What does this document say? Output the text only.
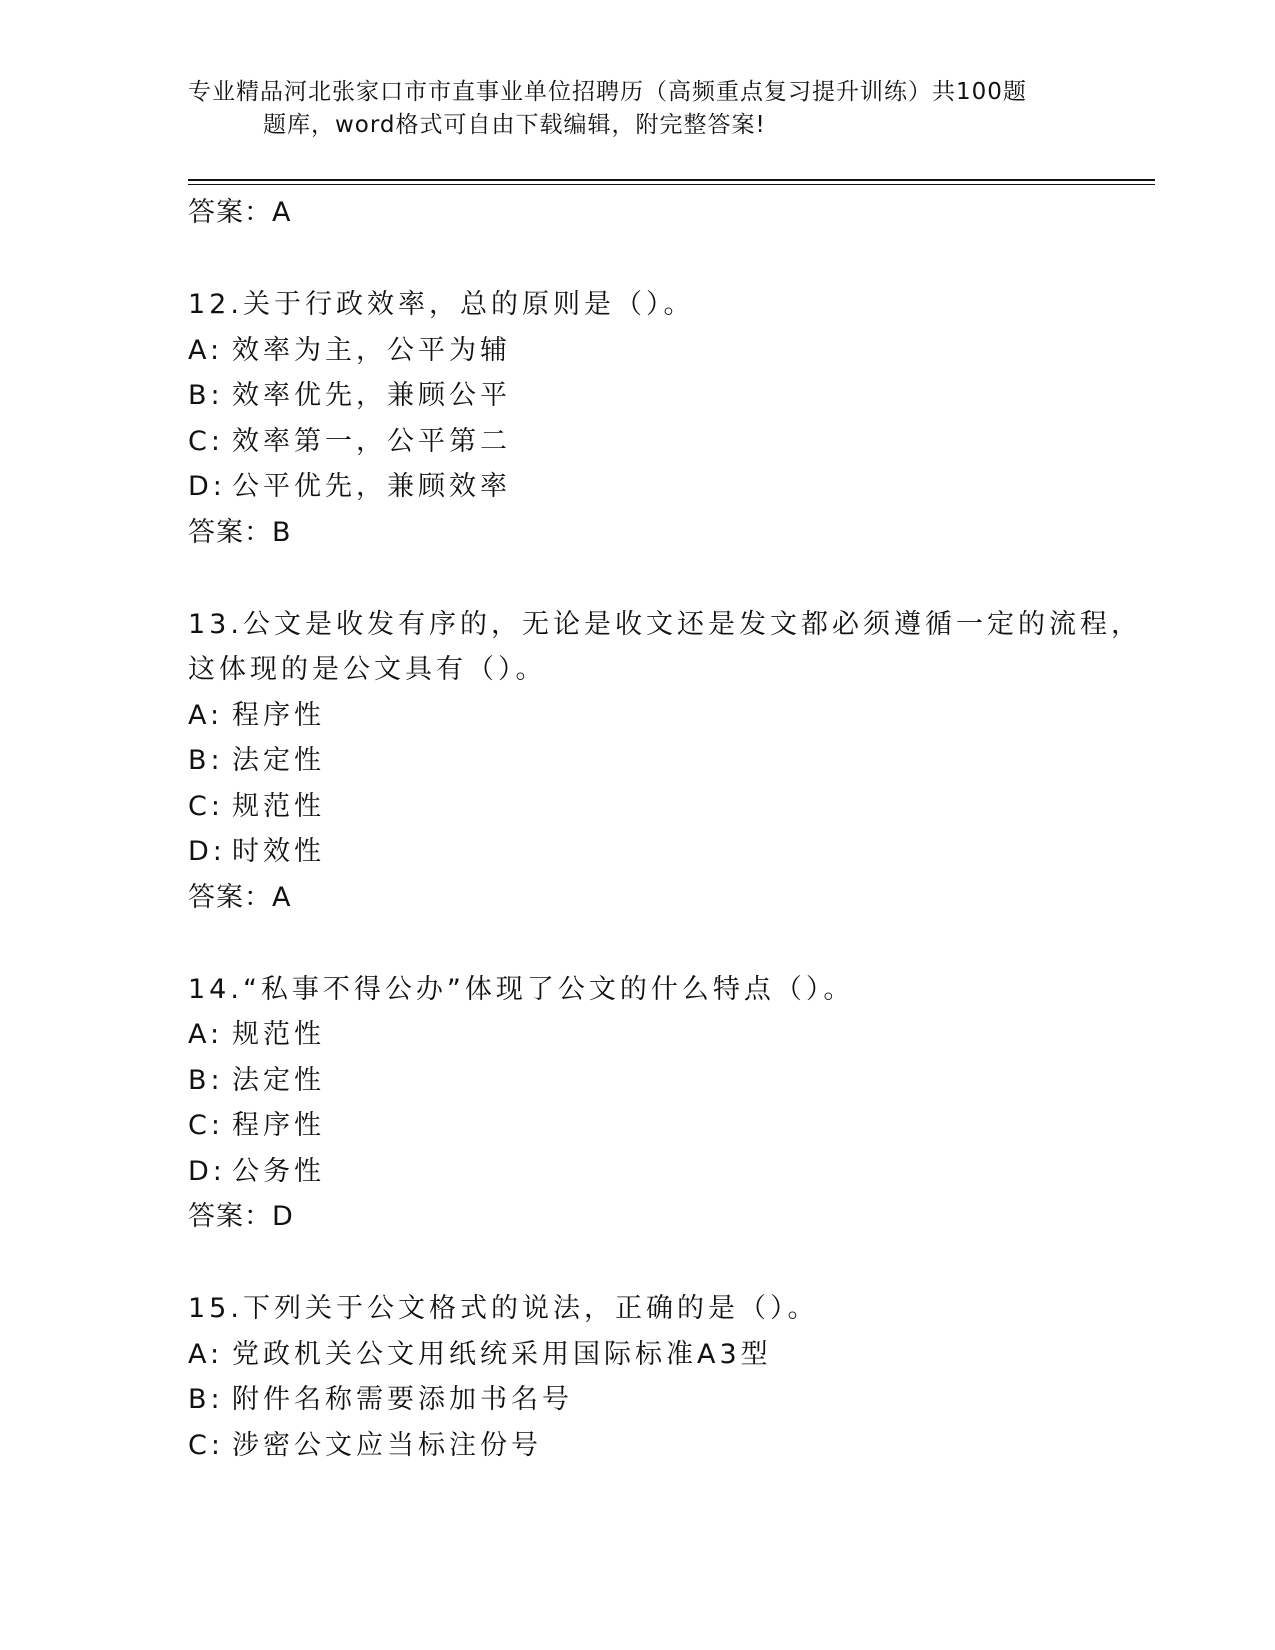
专业精品河北张家口市市直事业单位招聘历（高频重点复习提升训练）共100题
题库，word格式可自由下载编辑，附完整答案!
答案：A
12.关于行政效率，总的原则是（）。
A: 效率为主，公平为辅
B: 效率优先，兼顾公平
C: 效率第一，公平第二
D: 公平优先，兼顾效率
答案：B
13.公文是收发有序的，无论是收文还是发文都必须遵循一定的流程，
这体现的是公文具有（）。
A: 程序性
B: 法定性
C: 规范性
D: 时效性
答案：A
14.“私事不得公办”体现了公文的什么特点（）。
A: 规范性
B: 法定性
C: 程序性
D: 公务性
答案：D
15.下列关于公文格式的说法，正确的是（）。
A: 党政机关公文用纸统采用国际标准A3型
B: 附件名称需要添加书名号
C: 涉密公文应当标注份号
